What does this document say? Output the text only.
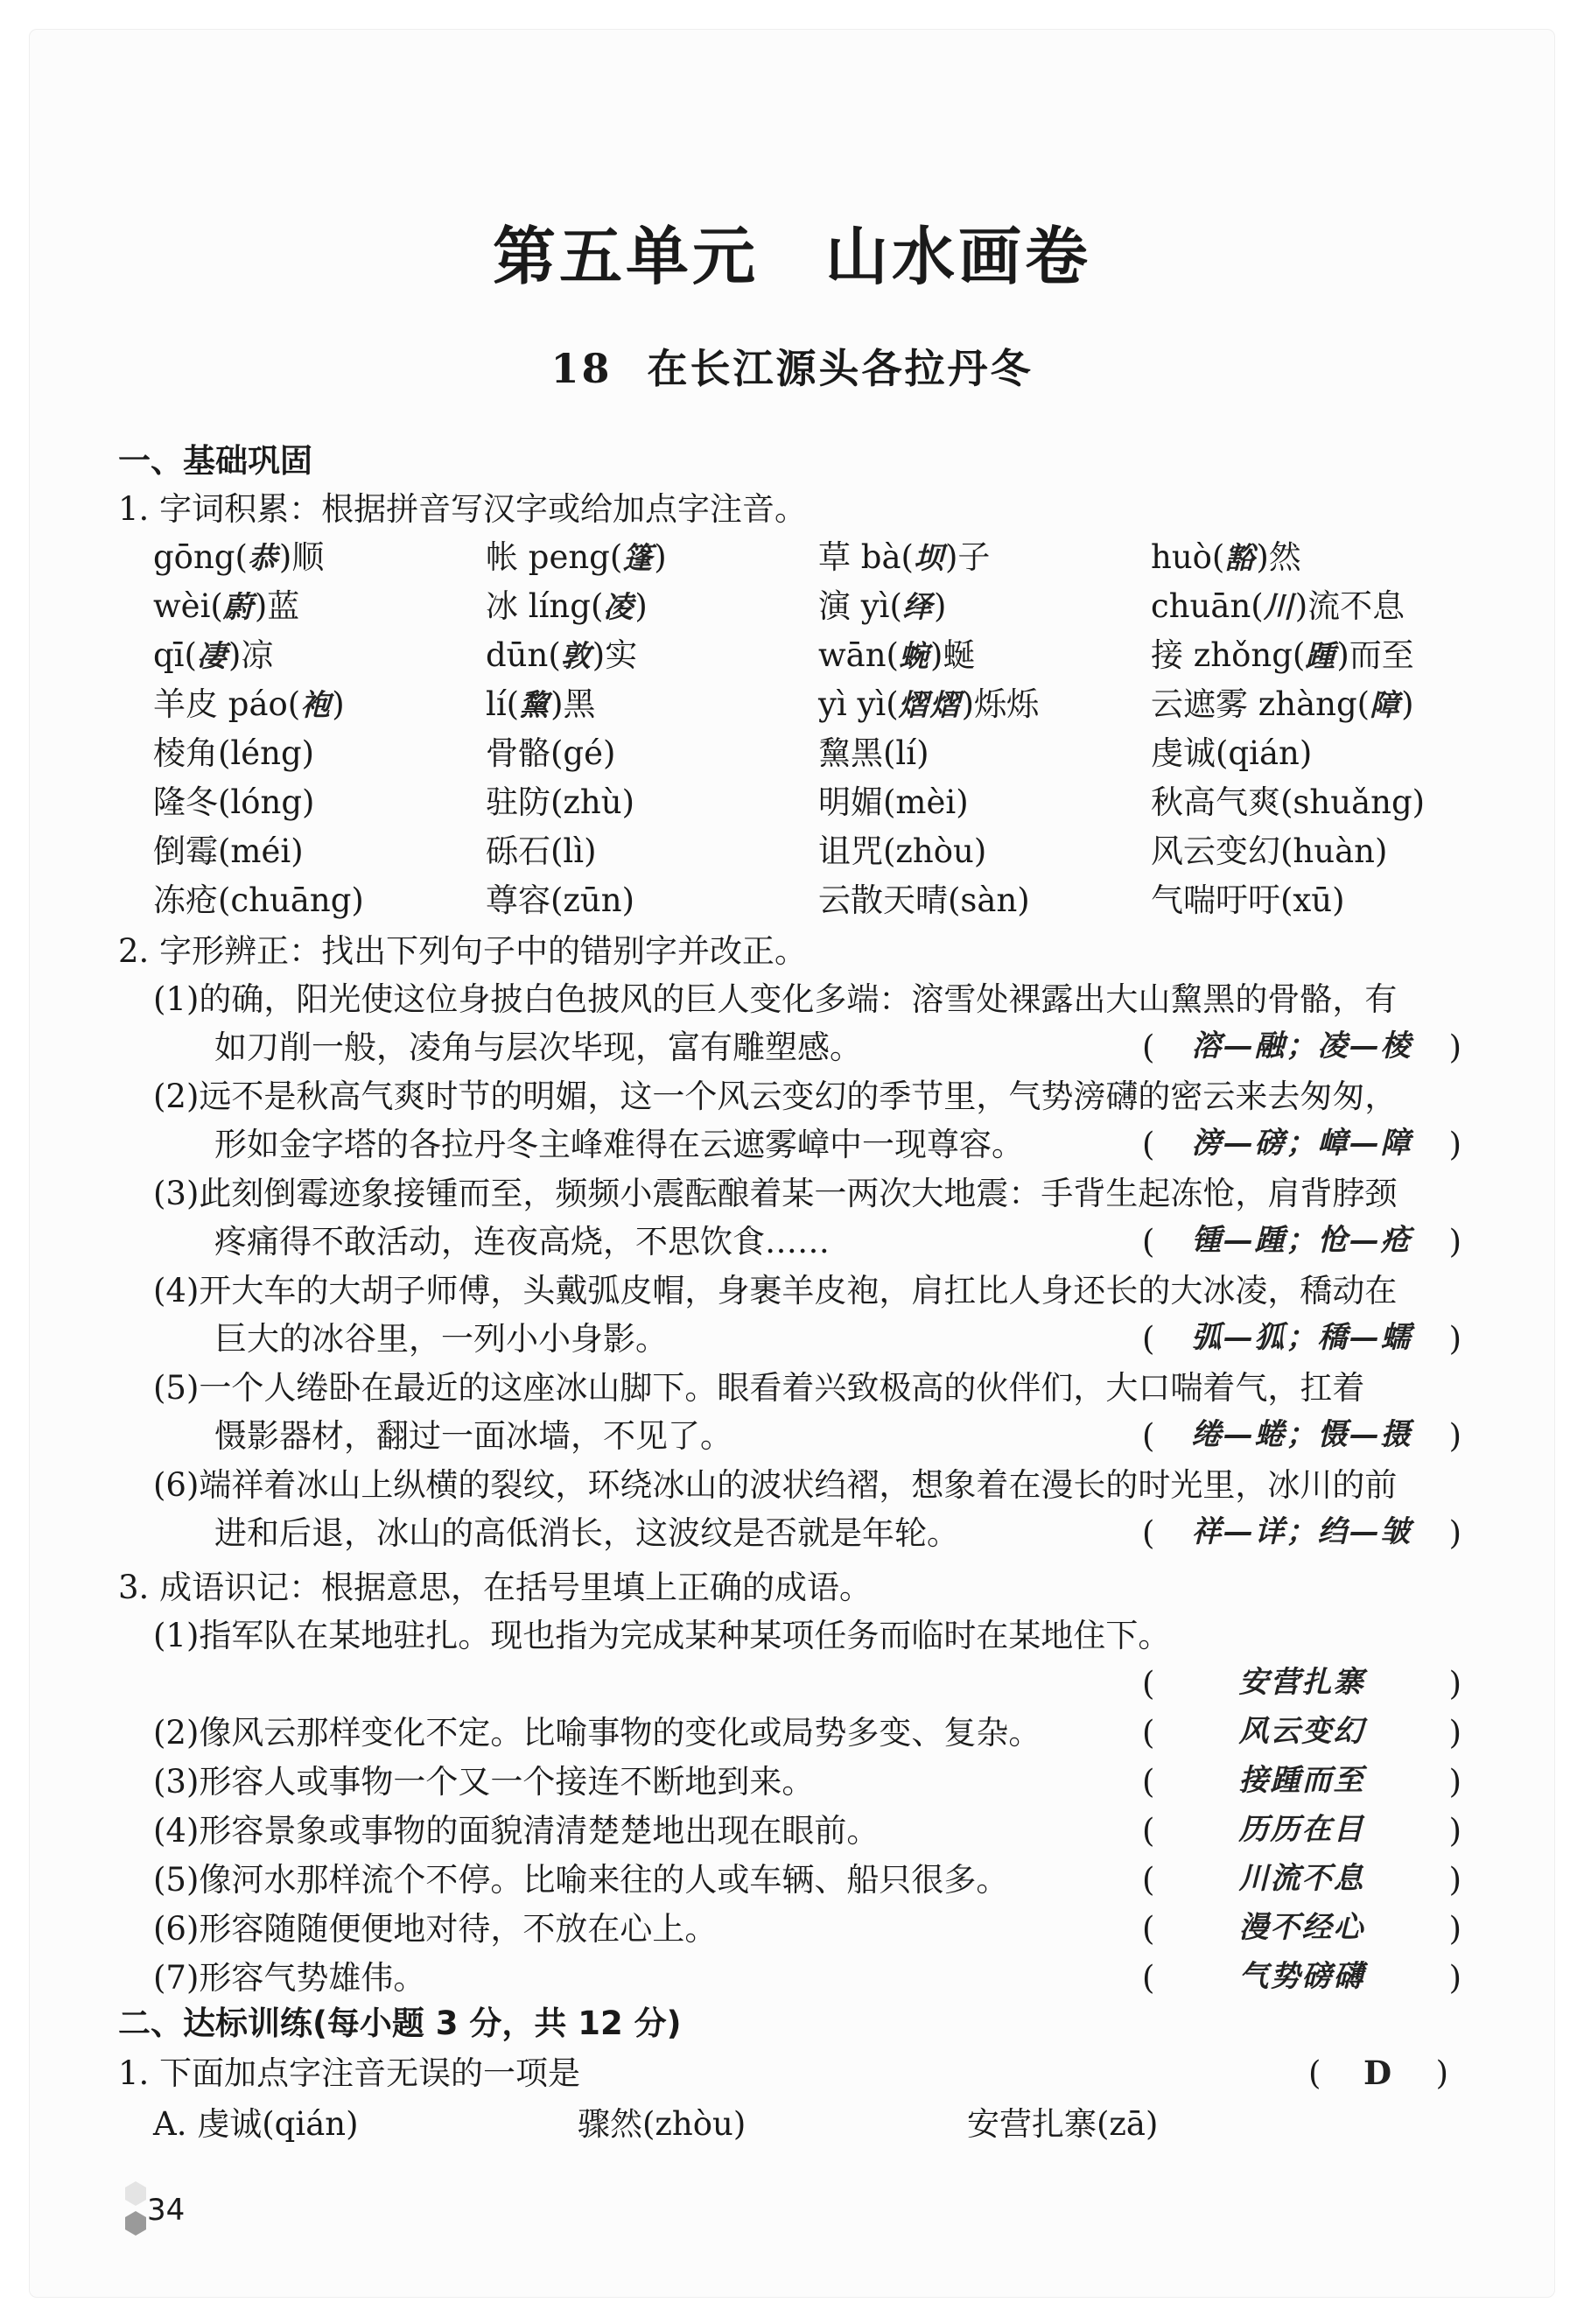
第五单元　山水画卷
18 在长江源头各拉丹冬
一、基础巩固
1. 字词积累：根据拼音写汉字或给加点字注音。
gōng(恭)顺	帐 peng(篷)	草 bà(坝)子	huò(豁)然
wèi(蔚)蓝	冰 líng(凌)	演 yì(绎)	chuān(川)流不息
qī(凄)凉	dūn(敦)实	wān(蜿)蜒	接 zhǒng(踵)而至
羊皮 páo(袍)	lí(黧)黑	yì yì(熠熠)烁烁	云遮雾 zhàng(障)
棱角(léng)	骨骼(gé)	黧黑(lí)	虔诚(qián)
隆冬(lóng)	驻防(zhù)	明媚(mèi)	秋高气爽(shuǎng)
倒霉(méi)	砾石(lì)	诅咒(zhòu)	风云变幻(huàn)
冻疮(chuāng)	尊容(zūn)	云散天晴(sàn)	气喘吁吁(xū)
2. 字形辨正：找出下列句子中的错别字并改正。
(1)的确，阳光使这位身披白色披风的巨人变化多端：溶雪处裸露出大山黧黑的骨骼，有
如刀削一般，凌角与层次毕现，富有雕塑感。	(	溶—融；凌—棱	)
(2)远不是秋高气爽时节的明媚，这一个风云变幻的季节里，气势滂礴的密云来去匆匆，
形如金字塔的各拉丹冬主峰难得在云遮雾嶂中一现尊容。	(	滂—磅；嶂—障	)
(3)此刻倒霉迹象接锺而至，频频小震酝酿着某一两次大地震：手背生起冻怆，肩背脖颈
疼痛得不敢活动，连夜高烧，不思饮食……	(	锺—踵；怆—疮	)
(4)开大车的大胡子师傅，头戴弧皮帽，身裹羊皮袍，肩扛比人身还长的大冰凌，穚动在
巨大的冰谷里，一列小小身影。	(	弧—狐；穚—蠕	)
(5)一个人绻卧在最近的这座冰山脚下。眼看着兴致极高的伙伴们，大口喘着气，扛着
慑影器材，翻过一面冰墙，不见了。	(	绻—蜷；慑—摄	)
(6)端祥着冰山上纵横的裂纹，环绕冰山的波状绉褶，想象着在漫长的时光里，冰川的前
进和后退，冰山的高低消长，这波纹是否就是年轮。	(	祥—详；绉—皱	)
3. 成语识记：根据意思，在括号里填上正确的成语。
(1)指军队在某地驻扎。现也指为完成某种某项任务而临时在某地住下。
(	安营扎寨	)
(2)像风云那样变化不定。比喻事物的变化或局势多变、复杂。	(	风云变幻	)
(3)形容人或事物一个又一个接连不断地到来。	(	接踵而至	)
(4)形容景象或事物的面貌清清楚楚地出现在眼前。	(	历历在目	)
(5)像河水那样流个不停。比喻来往的人或车辆、船只很多。	(	川流不息	)
(6)形容随随便便地对待，不放在心上。	(	漫不经心	)
(7)形容气势雄伟。	(	气势磅礴	)
二、达标训练(每小题 3 分，共 12 分)
1. 下面加点字注音无误的一项是	(	D	)
A. 虔诚(qián)	骤然(zhòu)	安营扎寨(zā)
34
